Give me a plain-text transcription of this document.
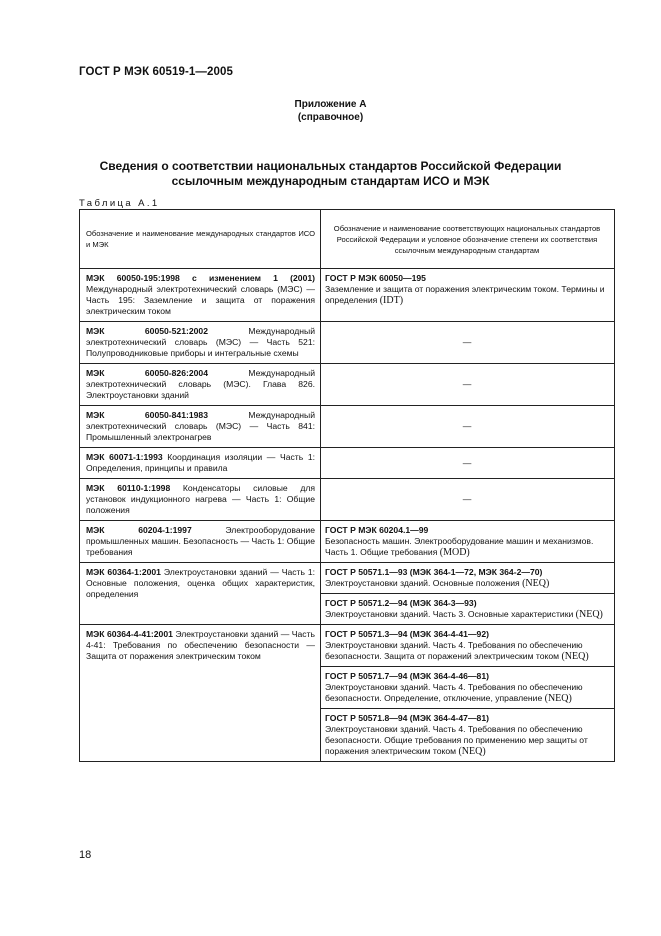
ГОСТ Р МЭК 60519-1—2005
Приложение А
(справочное)
Сведения о соответствии национальных стандартов Российской Федерации
ссылочным международным стандартам ИСО и МЭК
Таблица А.1
Обозначение и наименование международных стандартов ИСО и МЭК	Обозначение и наименование соответствующих национальных стандартов Российской Федерации и условное обозначение степени их соответствия ссылочным международным стандартам
МЭК 60050-195:1998 с изменением 1 (2001) Международный электротехнический словарь (МЭС) — Часть 195: Заземление и защита от поражения электрическим током	ГОСТ Р МЭК 60050—195
Заземление и защита от поражения электрическим током. Термины и определения (IDT)
МЭК 60050-521:2002 Международный электротехнический словарь (МЭС) — Часть 521: Полупроводниковые приборы и интегральные схемы	—
МЭК 60050-826:2004 Международный электротехнический словарь (МЭС). Глава 826. Электроустановки зданий	—
МЭК 60050-841:1983 Международный электротехнический словарь (МЭС) — Часть 841: Промышленный электронагрев	—
МЭК 60071-1:1993 Координация изоляции — Часть 1: Определения, принципы и правила	—
МЭК 60110-1:1998 Конденсаторы силовые для установок индукционного нагрева — Часть 1: Общие положения	—
МЭК 60204-1:1997 Электрооборудование промышленных машин. Безопасность — Часть 1: Общие требования	ГОСТ Р МЭК 60204.1—99
Безопасность машин. Электрооборудование машин и механизмов. Часть 1. Общие требования (MOD)
МЭК 60364-1:2001 Электроустановки зданий — Часть 1: Основные положения, оценка общих характеристик, определения	ГОСТ Р 50571.1—93 (МЭК 364-1—72, МЭК 364-2—70)
Электроустановки зданий. Основные положения (NEQ)

	ГОСТ Р 50571.2—94 (МЭК 364-3—93)
Электроустановки зданий. Часть 3. Основные характеристики (NEQ)
МЭК 60364-4-41:2001 Электроустановки зданий — Часть 4-41: Требования по обеспечению безопасности — Защита от поражения электрическим током	ГОСТ Р 50571.3—94 (МЭК 364-4-41—92)
Электроустановки зданий. Часть 4. Требования по обеспечению безопасности. Защита от поражений электрическим током (NEQ)

	ГОСТ Р 50571.7—94 (МЭК 364-4-46—81)
Электроустановки зданий. Часть 4. Требования по обеспечению безопасности. Определение, отключение, управление (NEQ)

	ГОСТ Р 50571.8—94 (МЭК 364-4-47—81)
Электроустановки зданий. Часть 4. Требования по обеспечению безопасности. Общие требования по применению мер защиты от поражения электрическим током (NEQ)
18
